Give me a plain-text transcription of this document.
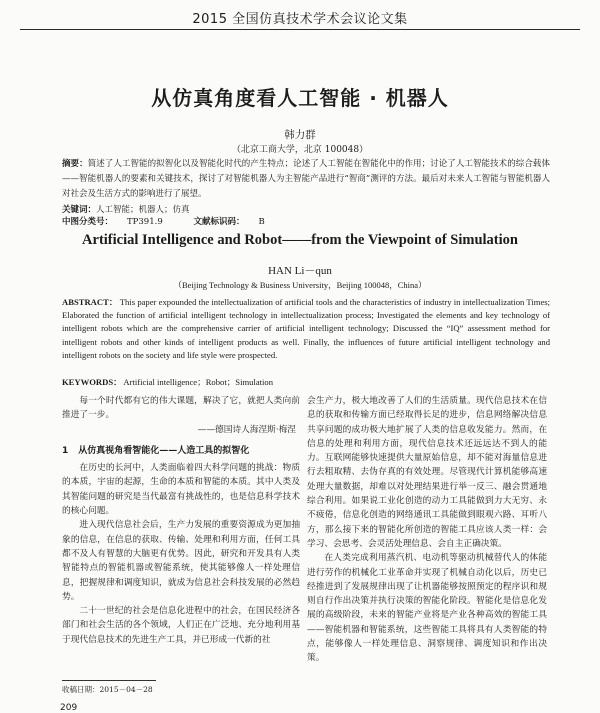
2015 全国仿真技术学术会议论文集
从仿真角度看人工智能 · 机器人
韩力群
（北京工商大学，北京 100048）
摘要：简述了人工智能的拟智化以及智能化时代的产生特点；论述了人工智能在智能化中的作用；讨论了人工智能技术的综合载体——智能机器人的要素和关键技术，探讨了对智能机器人为主智能产品进行“智商”测评的方法。最后对未来人工智能与智能机器人对社会及生活方式的影响进行了展望。
关键词：人工智能；机器人；仿真
中图分类号： TP391.9	文献标识码： B
Artificial Intelligence and Robot——from the Viewpoint of Simulation
HAN Li－qun
（Beijing Technology & Business University，Beijing 100048，China）
ABSTRACT： This paper expounded the intellectualization of artificial tools and the characteristics of industry in intellectualization Times; Elaborated the function of artificial intelligent technology in intellectualization process; Investigated the elements and key technology of intelligent robots which are the comprehensive carrier of artificial intelligent technology; Discussed the “IQ” assessment method for intelligent robots and other kinds of intelligent products as well. Finally, the influences of future artificial intelligent technology and intelligent robots on the society and life style were prospected.
KEYWORDS： Artificial intelligence；Robot；Simulation

每一个时代都有它的伟大课题，解决了它，就把人类向前推进了一步。

——德国诗人海涅斯·梅涅

1 从仿真视角看智能化——人造工具的拟智化

在历史的长河中，人类面临着四大科学问题的挑战：物质的本质，宇宙的起源，生命的本质和智能的本质。其中人类及其智能问题的研究是当代最富有挑战性的，也是信息科学技术的核心问题。

进入现代信息社会后，生产力发展的重要资源成为更加抽象的信息，在信息的获取、传输、处理和利用方面，任何工具都不及人有智慧的大脑更有优势。因此，研究和开发具有人类智能特点的智能机器或智能系统，使其能够像人一样处理信息，把握规律和调度知识，就成为信息社会科技发展的必然趋势。

二十一世纪的社会是信息化进程中的社会，在国民经济各部门和社会生活的各个领域，人们正在广泛地、充分地利用基于现代信息技术的先进生产工具，并已形成一代新的社

会生产力，极大地改善了人们的生活质量。现代信息技术在信息的获取和传输方面已经取得长足的进步，信息网络解决信息共享问题的成功极大地扩展了人类的信息收发能力。然而，在信息的处理和利用方面，现代信息技术还远远达不到人的能力。互联网能够快速提供大量原始信息，却不能对海量信息进行去粗取精、去伪存真的有效处理。尽管现代计算机能够高速处理大量数据，却难以对处理结果进行举一反三、融会贯通地综合利用。如果说工业化创造的动力工具能做到力大无穷、永不疲倦，信息化创造的网络通讯工具能做到眼观六路、耳听八方，那么接下来的智能化所创造的智能工具应该人类一样：会学习、会思考、会灵活处理信息、会自主正确决策。

在人类完成利用蒸汽机、电动机等驱动机械替代人的体能进行劳作的机械化工业革命并实现了机械自动化以后，历史已经推进到了发展规律出现了让机器能够按照预定的程序识和规则自行作出决策并执行决策的智能化阶段。智能化是信息化发展的高级阶段，未来的智能产业将是产业各种高效的智能工具——智能机器和智能系统，这些智能工具将具有人类智能的特点，能够像人一样处理信息、洞察规律、调度知识和作出决策。

收稿日期：2015－04－28
209
